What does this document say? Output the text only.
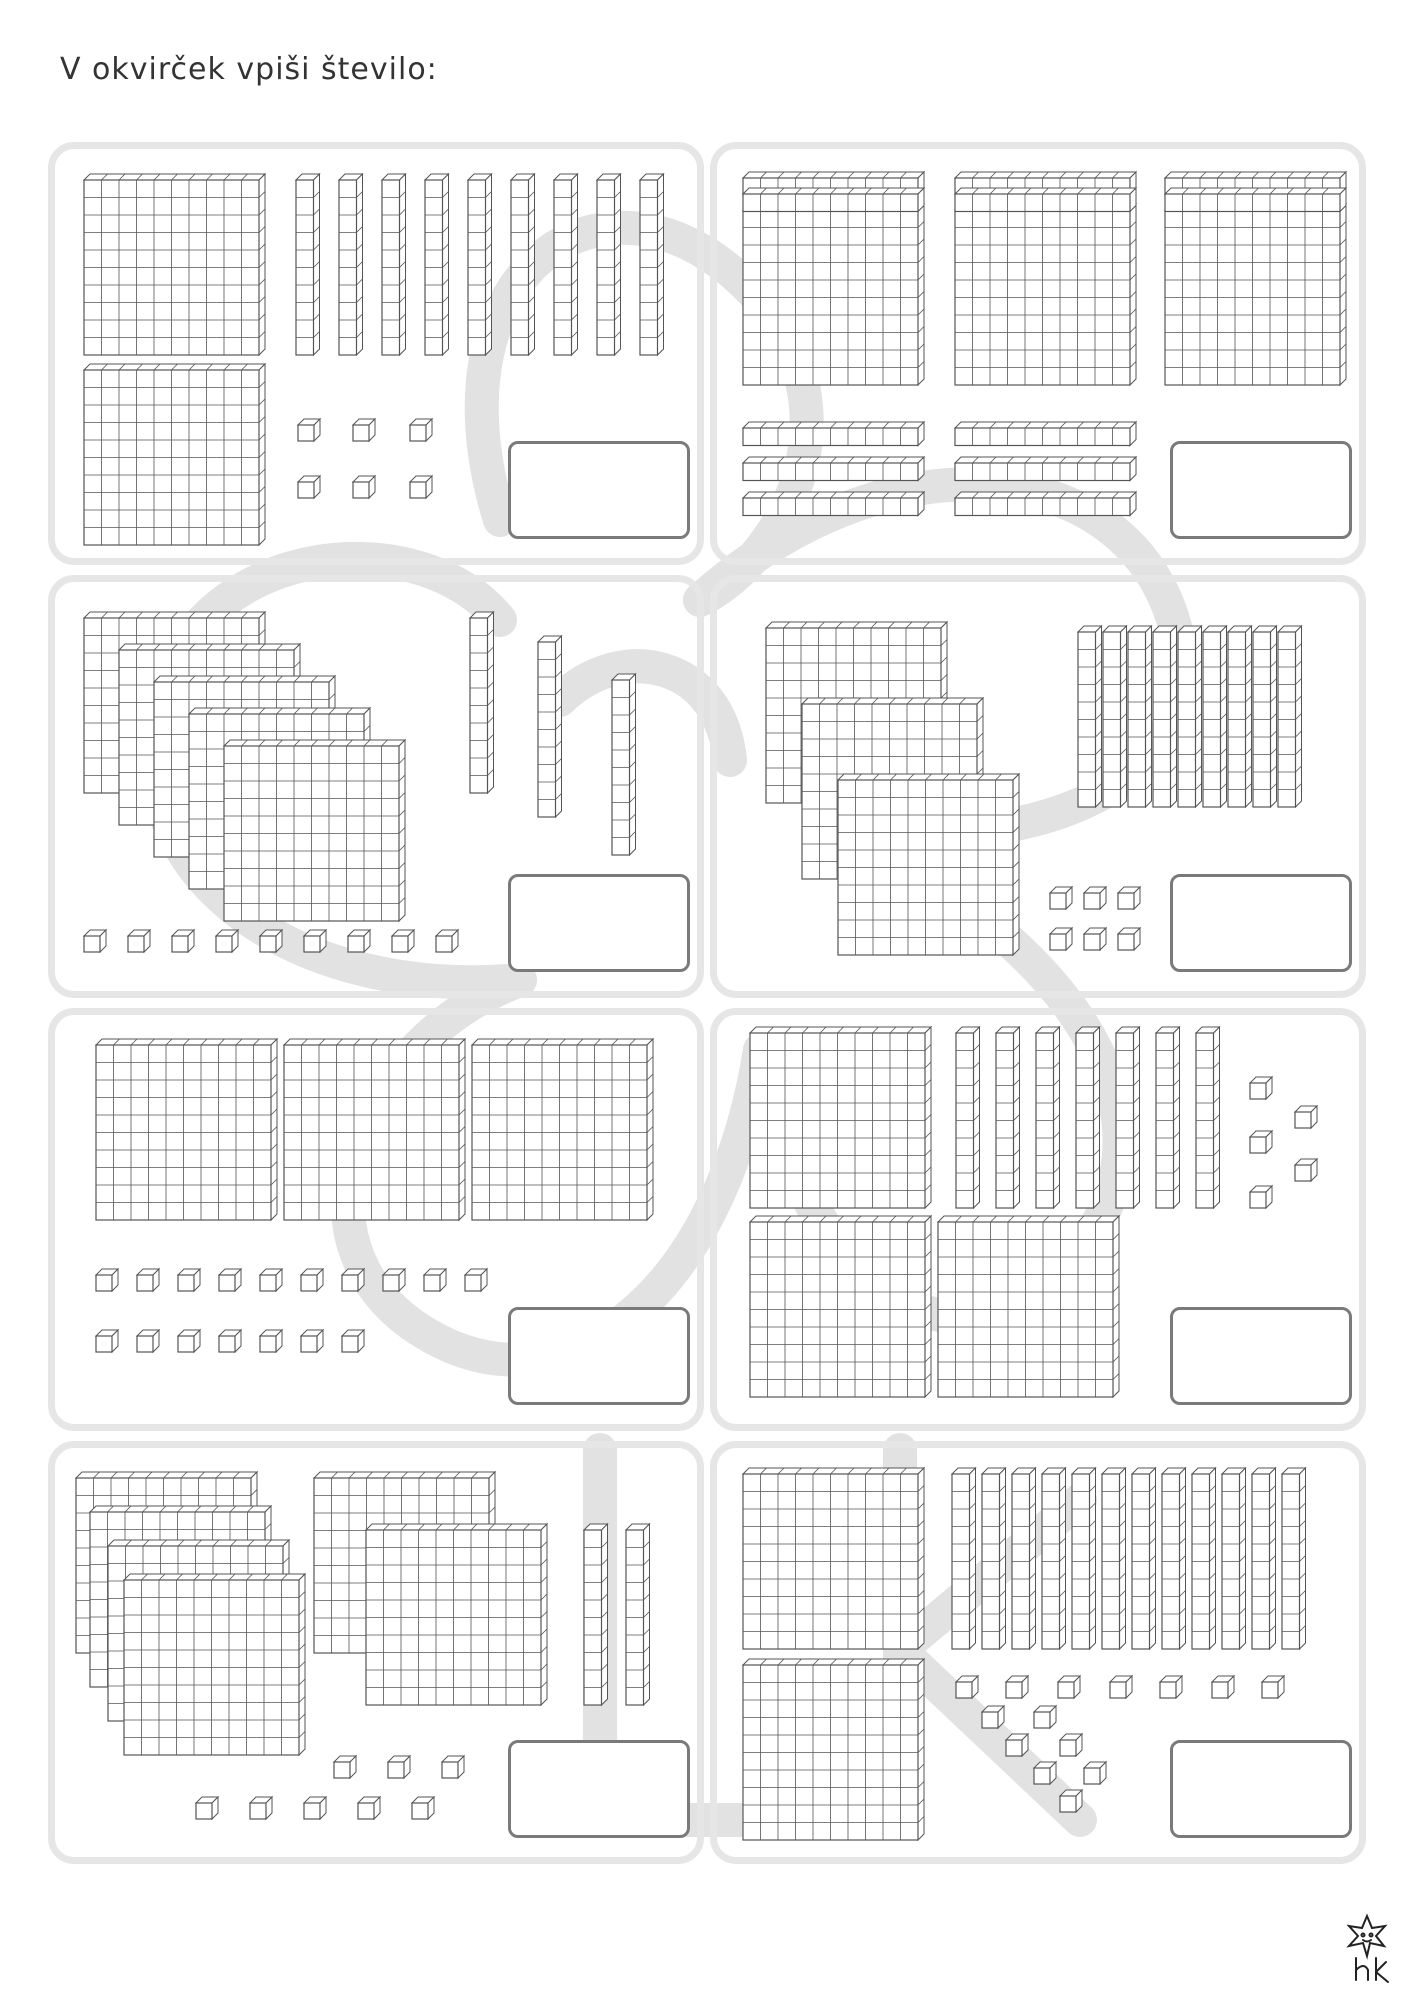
V okvirček vpiši število:
